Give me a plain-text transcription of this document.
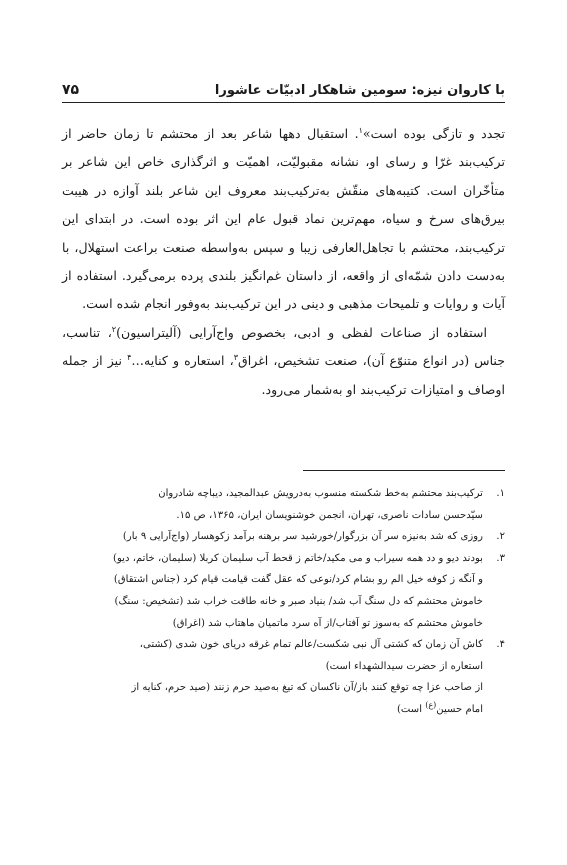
با کاروان نیزه: سومین شاهکار ادبیّات عاشورا
۷۵

تجدد و تازگی بوده است»$^۱$. استقبال دهها شاعر بعد از محتشم تا زمان حاضر از ترکیب‌بند غرّا و رسای او، نشانه مقبولیّت، اهمیّت و اثرگذاری خاص این شاعر بر متأخّران است. کتیبه‌های منقّش به‌ترکیب‌بند معروف این شاعر بلند آوازه در هیبت بیرق‌های سرخ و سیاه، مهم‌ترین نماد قبول عام این اثر بوده است. در ابتدای این ترکیب‌بند، محتشم با تجاهل‌العارفی زیبا و سپس به‌واسطه صنعت براعت استهلال، با به‌دست دادن شمّه‌ای از واقعه، از داستان غم‌انگیز بلندی پرده برمی‌گیرد. استفاده از آیات و روایات و تلمیحات مذهبی و دینی در این ترکیب‌بند به‌وفور انجام شده است.

استفاده از صناعات لفظی و ادبی، بخصوص واج‌آرایی (آلیتراسیون)$^۲$، تناسب، جناس (در انواع متنوّع آن)، صنعت تشخیص، اغراق$^۳$، استعاره و کنایه…$^۴$ نیز از جمله اوصاف و امتیازات ترکیب‌بند او به‌شمار می‌رود.

۱.
ترکیب‌بند محتشم به‌خط شکسته منسوب به‌درویش عبدالمجید، دیباچه شادروان
سیّدحسن سادات ناصری، تهران، انجمن خوشنویسان ایران، ۱۳۶۵، ص ۱۵.
۲.
روزی که شد به‌نیزه سر آن بزرگوار/خورشید سر برهنه برآمد زکوهسار (واج‌آرایی ۹ بار)
۳.
بودند دیو و دد همه سیراب و می مکید/خاتم ز قحط آب سلیمان کربلا (سلیمان، خاتم، دیو)
و آنگه ز کوفه خیل الم رو بشام کرد/نوعی که عقل گفت قیامت قیام کرد (جناس اشتقاق)
خاموش محتشم که دل سنگ آب شد/ بنیاد صبر و خانه طاقت خراب شد (تشخیص: سنگ)
خاموش محتشم که به‌سوز تو آفتاب/از آه سرد ماتمیان ماهتاب شد (اغراق)
۴.
کاش آن زمان که کشتی آل نبی شکست/عالم تمام غرقه دریای خون شدی (کشتی،
استعاره از حضرت سیدالشهداء است)
از صاحب عزا چه توقع کنند باز/آن ناکسان که تیغ به‌صید حرم زنند (صید حرم، کنایه از
امام حسین$^{(ع)}$ است)
